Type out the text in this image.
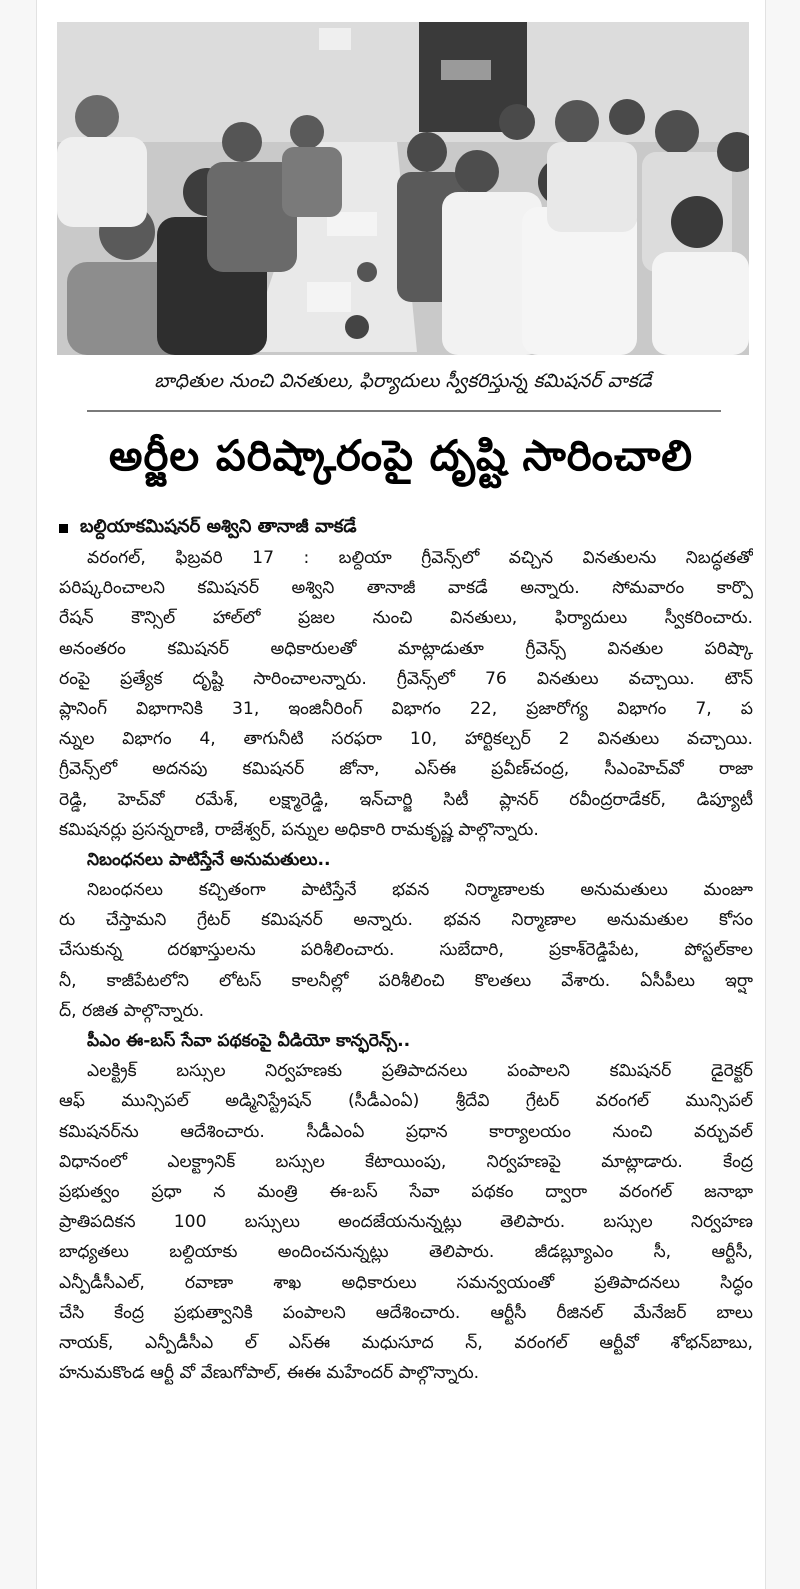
బాధితుల నుంచి వినతులు, ఫిర్యాదులు స్వీకరిస్తున్న కమిషనర్ వాకడే
అర్జీల పరిష్కారంపై దృష్టి సారించాలి
బల్దియాకమిషనర్ అశ్విని తానాజీ వాకడే
వరంగల్, ఫిబ్రవరి 17 : బల్దియా గ్రీవెన్స్‌లో వచ్చిన వినతులను నిబద్ధతతో
పరిష్కరించాలని కమిషనర్ అశ్విని తానాజీ వాకడే అన్నారు. సోమవారం కార్పొ
రేషన్ కౌన్సిల్ హాల్‌లో ప్రజల నుంచి వినతులు, ఫిర్యాదులు స్వీకరించారు.
అనంతరం కమిషనర్ అధికారులతో మాట్లాడుతూ గ్రీవెన్స్ వినతుల పరిష్కా
రంపై ప్రత్యేక దృష్టి సారించాలన్నారు. గ్రీవెన్స్‌లో 76 వినతులు వచ్చాయి. టౌన్
ప్లానింగ్ విభాగానికి 31, ఇంజినీరింగ్ విభాగం 22, ప్రజారోగ్య విభాగం 7, ప
న్నుల విభాగం 4, తాగునీటి సరఫరా 10, హార్టికల్చర్ 2 వినతులు వచ్చాయి.
గ్రీవెన్స్‌లో అదనపు కమిషనర్ జోనా, ఎస్ఈ ప్రవీణ్‌చంద్ర, సీఎంహెచ్‌వో రాజా
రెడ్డి, హెచ్‌వో రమేశ్, లక్ష్మారెడ్డి, ఇన్‌చార్జి సిటీ ప్లానర్ రవీంద్రరాడేకర్, డిప్యూటీ
కమిషనర్లు ప్రసన్నరాణి, రాజేశ్వర్, పన్నుల అధికారి రామకృష్ణ పాల్గొన్నారు.
నిబంధనలు పాటిస్తేనే అనుమతులు..
నిబంధనలు కచ్చితంగా పాటిస్తేనే భవన నిర్మాణాలకు అనుమతులు మంజూ
రు చేస్తామని గ్రేటర్ కమిషనర్ అన్నారు. భవన నిర్మాణాల అనుమతుల కోసం
చేసుకున్న దరఖాస్తులను పరిశీలించారు. సుబేదారి, ప్రకాశ్‌రెడ్డిపేట, పోస్టల్‌కాల
నీ, కాజీపేటలోని లోటస్ కాలనీల్లో పరిశీలించి కొలతలు వేశారు. ఏసీపీలు ఇర్షా
ద్, రజిత పాల్గొన్నారు.
పీఎం ఈ-బస్ సేవా పథకంపై వీడియో కాన్ఫరెన్స్..
ఎలక్ట్రిక్ బస్సుల నిర్వహణకు ప్రతిపాదనలు పంపాలని కమిషనర్ డైరెక్టర్
ఆఫ్ మున్సిపల్ అడ్మినిస్ట్రేషన్ (సీడీఎంఏ) శ్రీదేవి గ్రేటర్ వరంగల్ మున్సిపల్
కమిషనర్‌ను ఆదేశించారు. సీడీఎంఏ ప్రధాన కార్యాలయం నుంచి వర్చువల్
విధానంలో ఎలక్ట్రానిక్ బస్సుల కేటాయింపు, నిర్వహణపై మాట్లాడారు. కేంద్ర
ప్రభుత్వం ప్రధా న మంత్రి ఈ-బస్ సేవా పథకం ద్వారా వరంగల్ జనాభా
ప్రాతిపదికన 100 బస్సులు అందజేయనున్నట్లు తెలిపారు. బస్సుల నిర్వహణ
బాధ్యతలు బల్దియాకు అందించనున్నట్లు తెలిపారు. జీడబ్ల్యూఎం సీ, ఆర్టీసీ,
ఎన్పీడీసీఎల్, రవాణా శాఖ అధికారులు సమన్వయంతో ప్రతిపాదనలు సిద్ధం
చేసి కేంద్ర ప్రభుత్వానికి పంపాలని ఆదేశించారు. ఆర్టీసీ రీజినల్ మేనేజర్ బాలు
నాయక్, ఎన్పీడీసీఎ ల్ ఎస్ఈ మధుసూద న్, వరంగల్ ఆర్టీవో శోభన్‌బాబు,
హనుమకొండ ఆర్టీ వో వేణుగోపాల్, ఈఈ మహేందర్ పాల్గొన్నారు.
